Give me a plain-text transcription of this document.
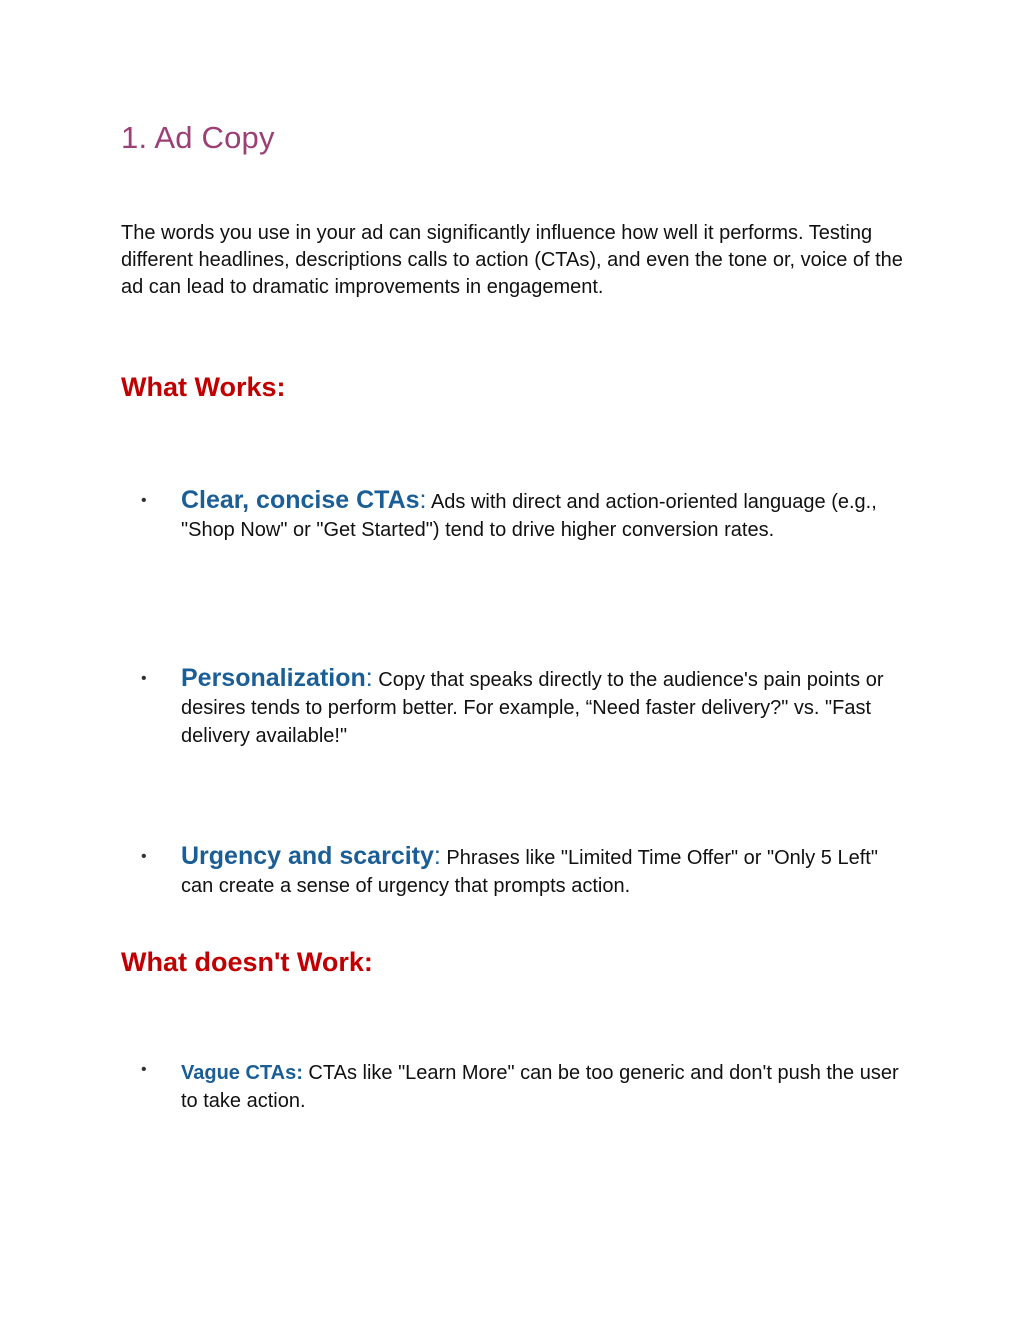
1. Ad Copy

The words you use in your ad can significantly influence how well it performs. Testing different headlines, descriptions calls to action (CTAs), and even the tone or, voice of the ad can lead to dramatic improvements in engagement.

What Works:
• Clear, concise CTAs: Ads with direct and action-oriented language (e.g., "Shop Now" or "Get Started") tend to drive higher conversion rates.

• Personalization: Copy that speaks directly to the audience's pain points or desires tends to perform better. For example, “Need faster delivery?" vs. "Fast delivery available!"

• Urgency and scarcity: Phrases like "Limited Time Offer" or "Only 5 Left" can create a sense of urgency that prompts action.

What doesn't Work:
• Vague CTAs: CTAs like "Learn More" can be too generic and don't push the user to take action.
